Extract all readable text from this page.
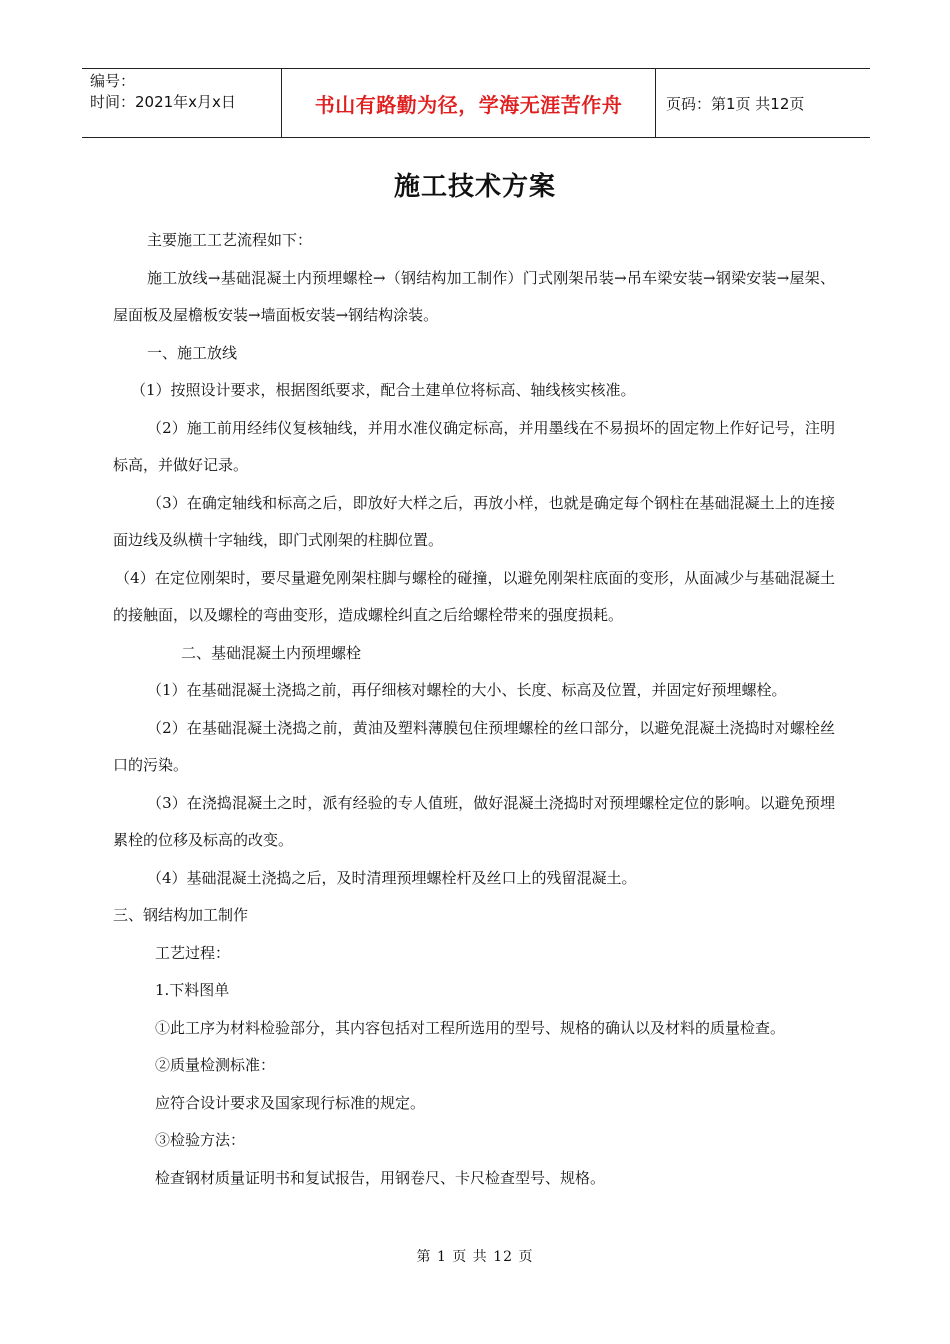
编号：
时间：2021年x月x日	书山有路勤为径，学海无涯苦作舟	页码：第1页 共12页
施工技术方案

主要施工工艺流程如下：

施工放线→基础混凝土内预埋螺栓→（钢结构加工制作）门式刚架吊装→吊车梁安装→钢梁安装→屋架、屋面板及屋檐板安装→墙面板安装→钢结构涂装。

一、施工放线

（1）按照设计要求，根据图纸要求，配合土建单位将标高、轴线核实核准。

（2）施工前用经纬仪复核轴线，并用水准仪确定标高，并用墨线在不易损坏的固定物上作好记号，注明标高，并做好记录。

（3）在确定轴线和标高之后，即放好大样之后，再放小样，也就是确定每个钢柱在基础混凝土上的连接面边线及纵横十字轴线，即门式刚架的柱脚位置。

（4）在定位刚架时，要尽量避免刚架柱脚与螺栓的碰撞，以避免刚架柱底面的变形，从面减少与基础混凝土的接触面，以及螺栓的弯曲变形，造成螺栓纠直之后给螺栓带来的强度损耗。

二、基础混凝土内预埋螺栓

（1）在基础混凝土浇捣之前，再仔细核对螺栓的大小、长度、标高及位置，并固定好预埋螺栓。

（2）在基础混凝土浇捣之前，黄油及塑料薄膜包住预埋螺栓的丝口部分，以避免混凝土浇捣时对螺栓丝口的污染。

（3）在浇捣混凝土之时，派有经验的专人值班，做好混凝土浇捣时对预埋螺栓定位的影响。以避免预埋累栓的位移及标高的改变。

（4）基础混凝土浇捣之后，及时清理预埋螺栓杆及丝口上的残留混凝土。

三、钢结构加工制作

工艺过程：

1.下料图单

①此工序为材料检验部分，其内容包括对工程所选用的型号、规格的确认以及材料的质量检查。

②质量检测标准：

应符合设计要求及国家现行标准的规定。

③检验方法：

检查钢材质量证明书和复试报告，用钢卷尺、卡尺检查型号、规格。

第 1 页 共 12 页
